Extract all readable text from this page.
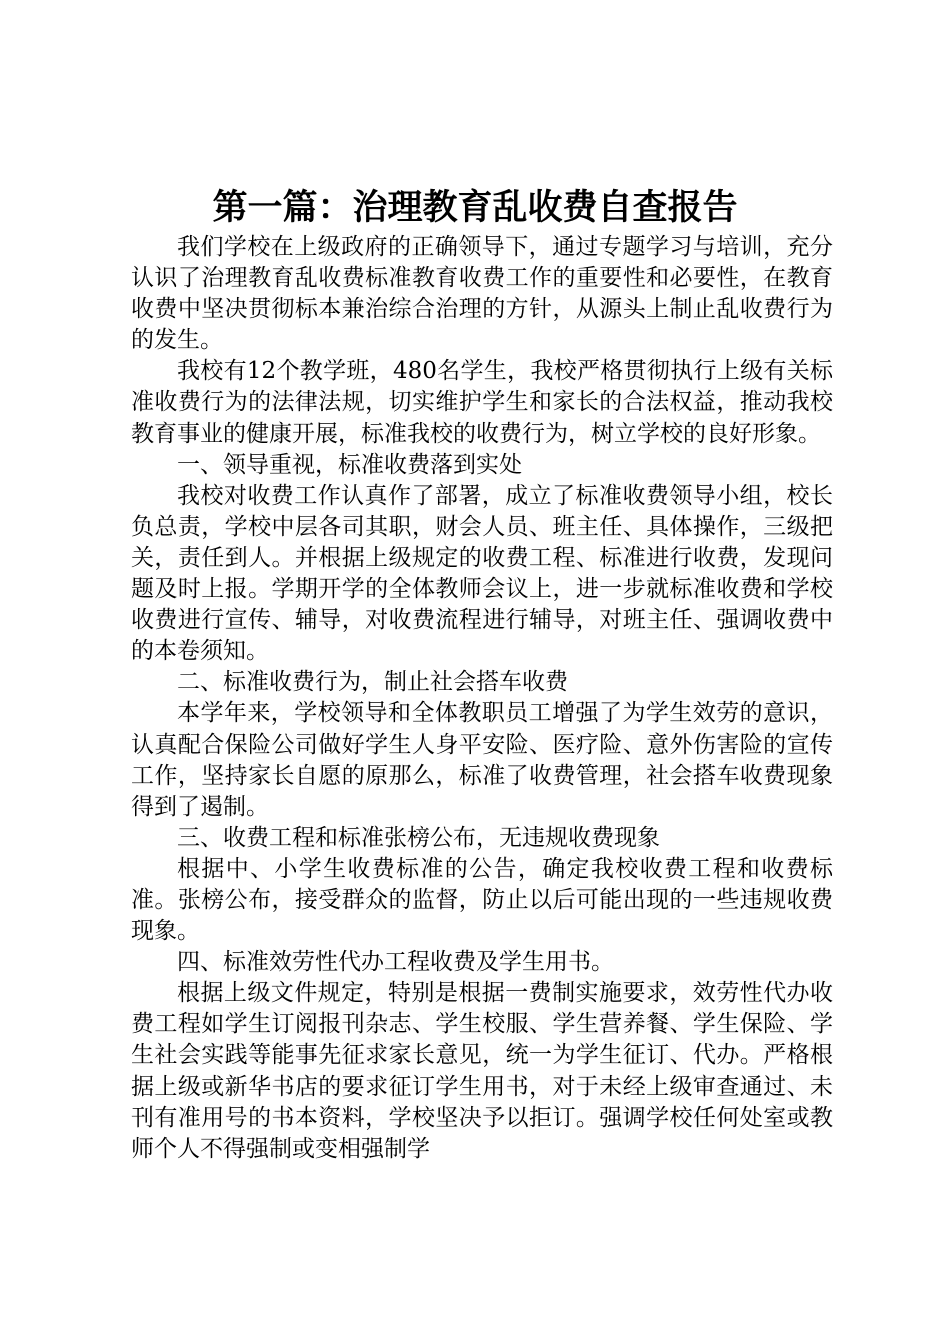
第一篇：治理教育乱收费自查报告

我们学校在上级政府的正确领导下，通过专题学习与培训，充分认识了治理教育乱收费标准教育收费工作的重要性和必要性，在教育收费中坚决贯彻标本兼治综合治理的方针，从源头上制止乱收费行为的发生。

我校有12个教学班，480名学生，我校严格贯彻执行上级有关标准收费行为的法律法规，切实维护学生和家长的合法权益，推动我校教育事业的健康开展，标准我校的收费行为，树立学校的良好形象。

一、领导重视，标准收费落到实处

我校对收费工作认真作了部署，成立了标准收费领导小组，校长负总责，学校中层各司其职，财会人员、班主任、具体操作，三级把关，责任到人。并根据上级规定的收费工程、标准进行收费，发现问题及时上报。学期开学的全体教师会议上，进一步就标准收费和学校收费进行宣传、辅导，对收费流程进行辅导，对班主任、强调收费中的本卷须知。

二、标准收费行为，制止社会搭车收费

本学年来，学校领导和全体教职员工增强了为学生效劳的意识，认真配合保险公司做好学生人身平安险、医疗险、意外伤害险的宣传工作，坚持家长自愿的原那么，标准了收费管理，社会搭车收费现象得到了遏制。

三、收费工程和标准张榜公布，无违规收费现象

根据中、小学生收费标准的公告，确定我校收费工程和收费标准。张榜公布，接受群众的监督，防止以后可能出现的一些违规收费现象。

四、标准效劳性代办工程收费及学生用书。

根据上级文件规定，特别是根据一费制实施要求，效劳性代办收费工程如学生订阅报刊杂志、学生校服、学生营养餐、学生保险、学生社会实践等能事先征求家长意见，统一为学生征订、代办。严格根据上级或新华书店的要求征订学生用书，对于未经上级审查通过、未刊有准用号的书本资料，学校坚决予以拒订。强调学校任何处室或教师个人不得强制或变相强制学
